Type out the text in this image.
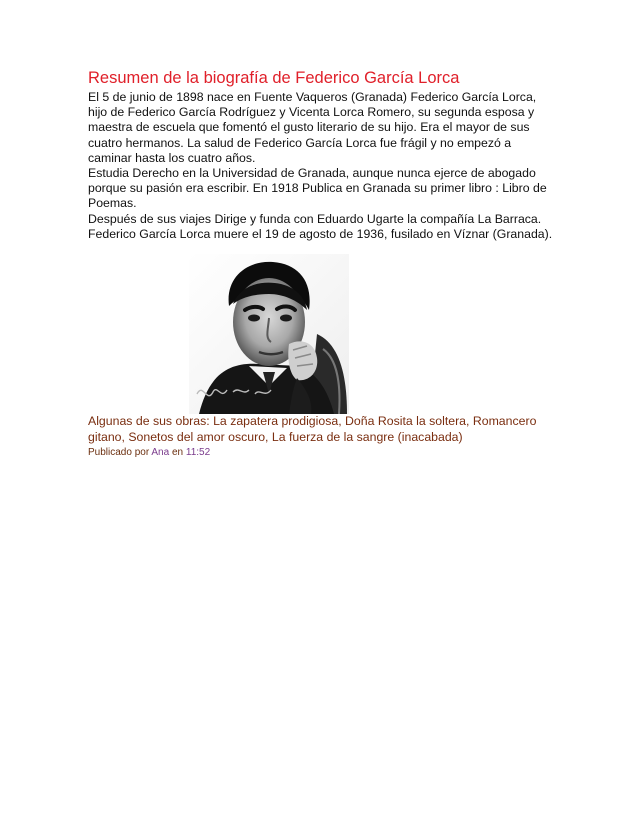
Resumen de la biografía de Federico García Lorca

El 5 de junio de 1898 nace en Fuente Vaqueros (Granada) Federico García Lorca, hijo de Federico García Rodríguez y Vicenta Lorca Romero, su segunda esposa y maestra de escuela que fomentó el gusto literario de su hijo. Era el mayor de sus cuatro hermanos. La salud de Federico García Lorca fue frágil y no empezó a caminar hasta los cuatro años.

Estudia Derecho en la Universidad de Granada, aunque nunca ejerce de abogado porque su pasión era escribir. En 1918 Publica en Granada su primer libro : Libro de Poemas.

Después de sus viajes Dirige y funda con Eduardo Ugarte la compañía La Barraca.

Federico García Lorca muere el 19 de agosto de 1936, fusilado en Víznar (Granada).

Algunas de sus obras: La zapatera prodigiosa, Doña Rosita la soltera, Romancero gitano, Sonetos del amor oscuro, La fuerza de la sangre (inacabada)

Publicado por Ana en 11:52
